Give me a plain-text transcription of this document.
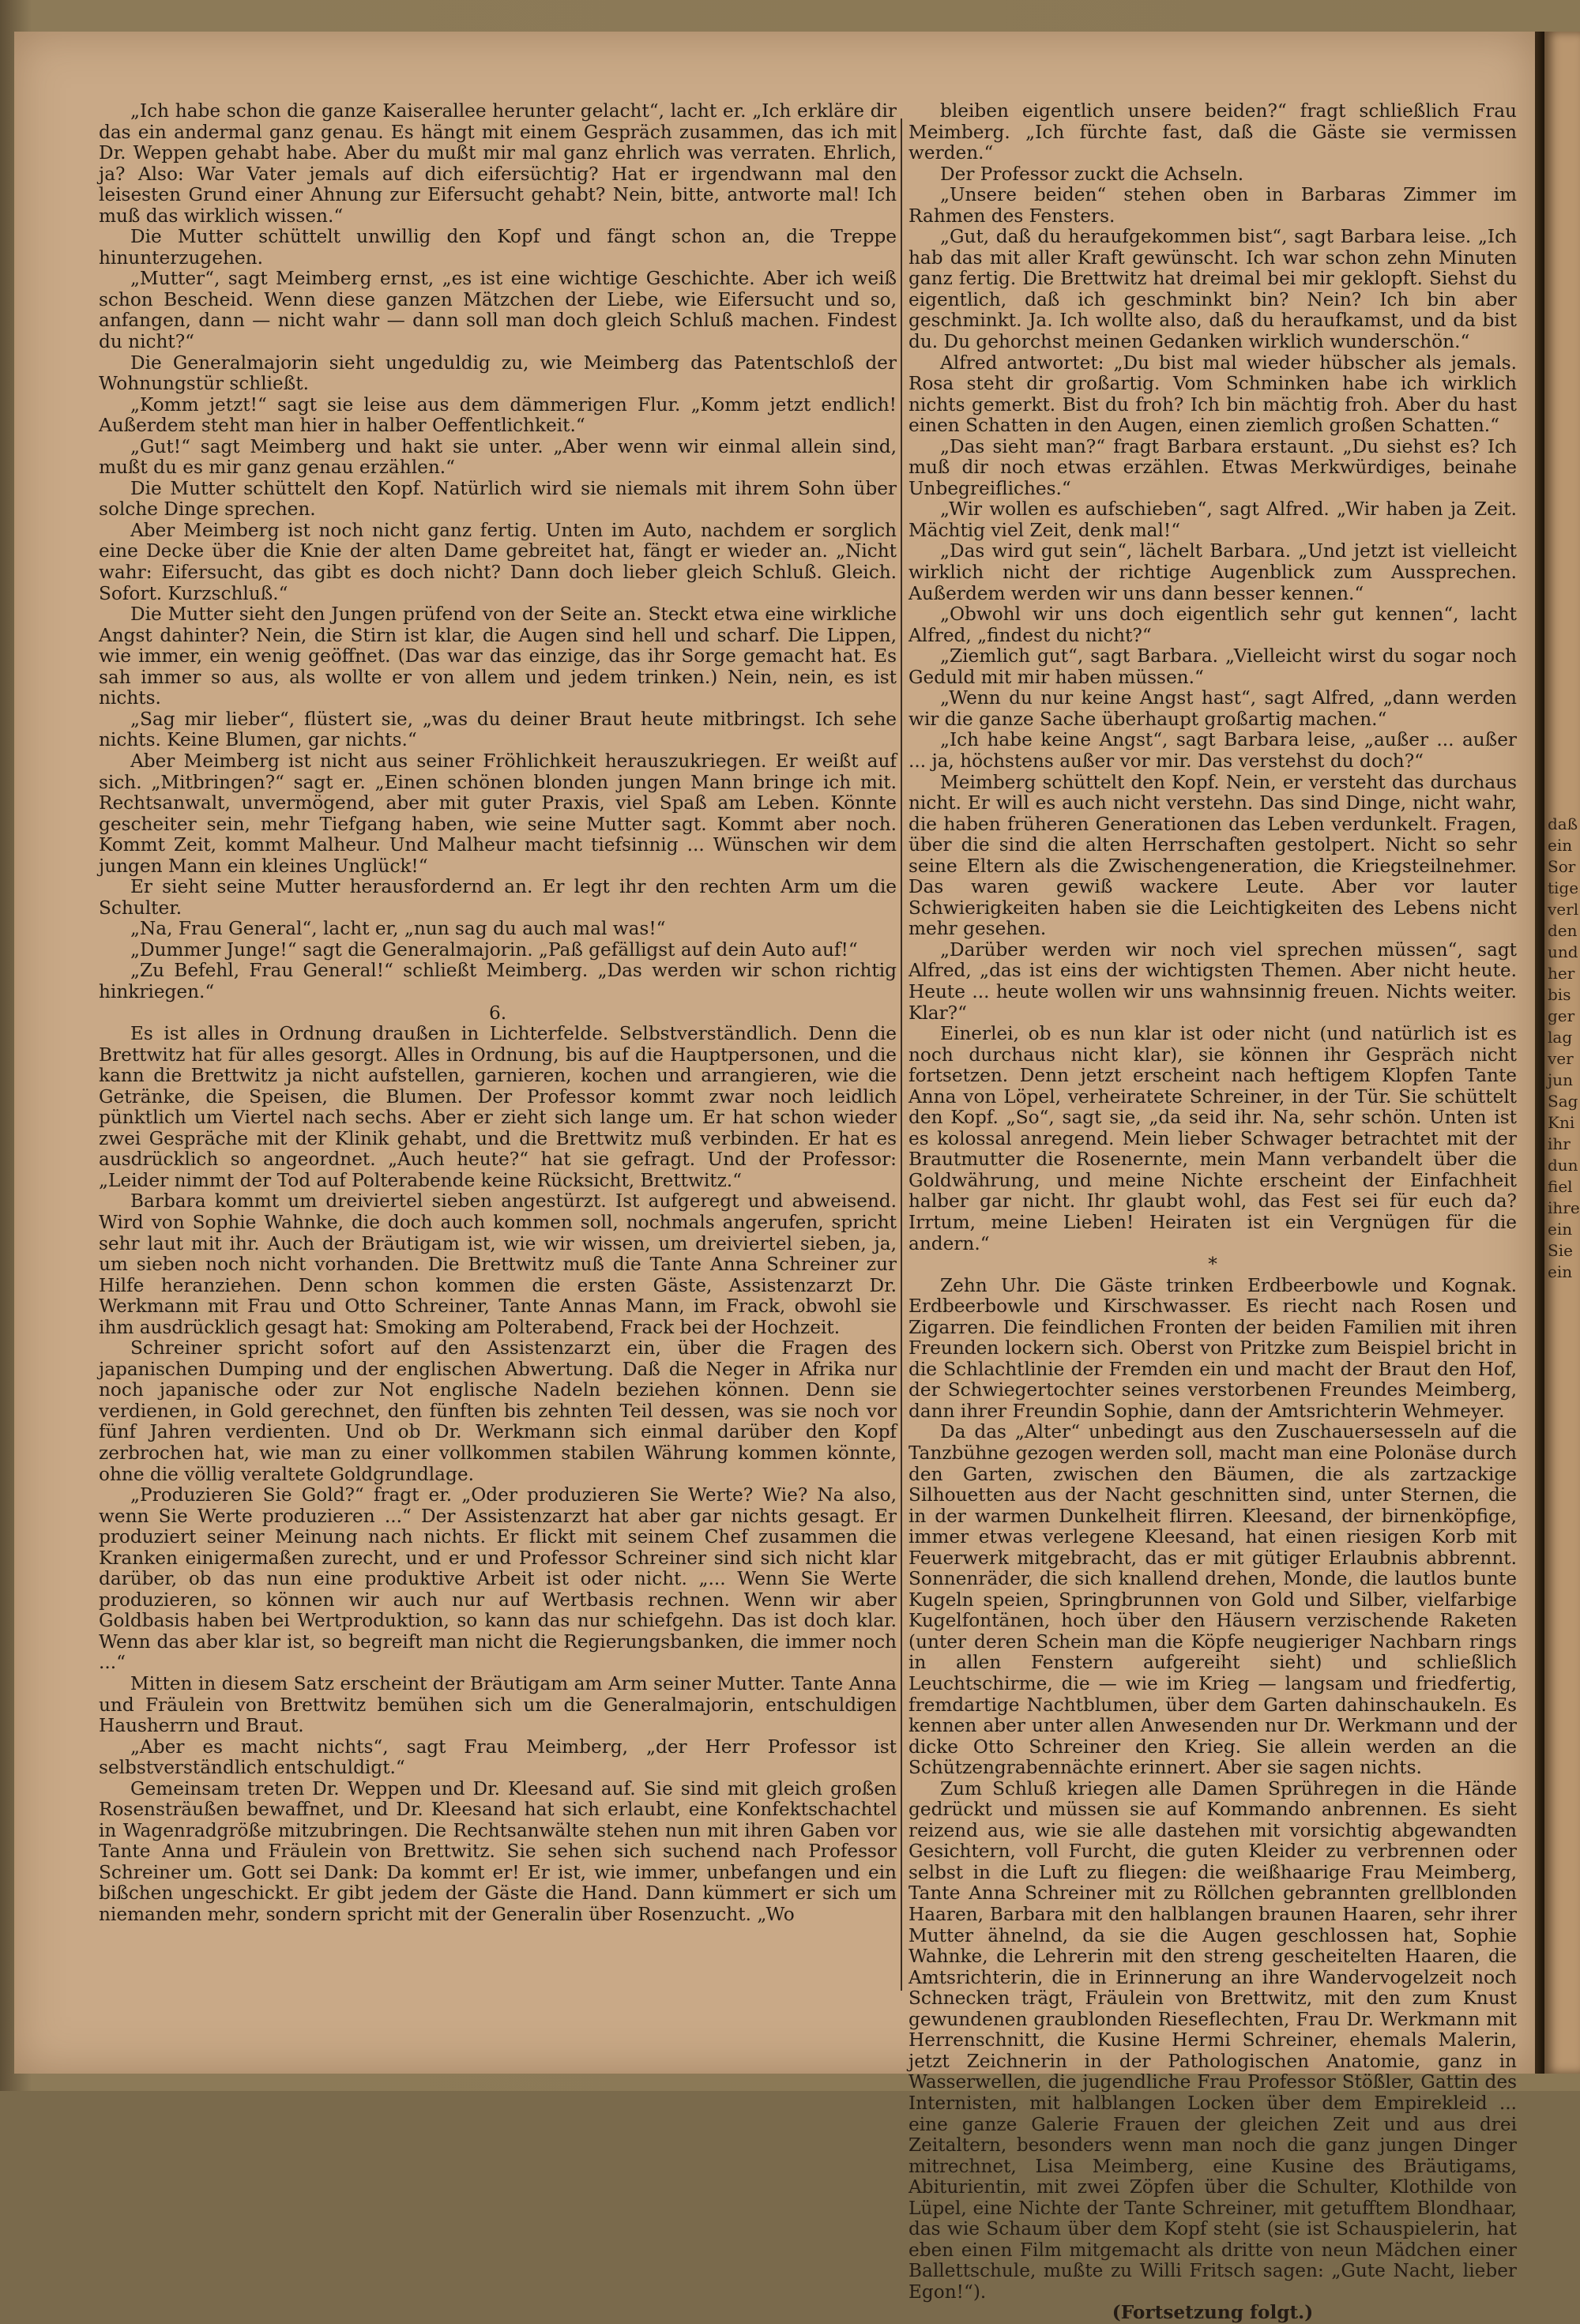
daß

ein

Sor

tige

verl

den

und

her

bis

ger

lag

ver

jun

Sag

Kni

ihr

dun

fiel

ihre

ein

Sie

ein

„Ich habe schon die ganze Kaiserallee herunter gelacht“, lacht er. „Ich erkläre dir das ein andermal ganz genau. Es hängt mit einem Gespräch zusammen, das ich mit Dr. Weppen gehabt habe. Aber du mußt mir mal ganz ehrlich was verraten. Ehrlich, ja? Also: War Vater jemals auf dich eifersüchtig? Hat er irgendwann mal den leisesten Grund einer Ahnung zur Eifersucht gehabt? Nein, bitte, antworte mal! Ich muß das wirklich wissen.“

Die Mutter schüttelt unwillig den Kopf und fängt schon an, die Treppe hinunterzugehen.

„Mutter“, sagt Meimberg ernst, „es ist eine wichtige Geschichte. Aber ich weiß schon Bescheid. Wenn diese ganzen Mätzchen der Liebe, wie Eifersucht und so, anfangen, dann — nicht wahr — dann soll man doch gleich Schluß machen. Findest du nicht?“

Die Generalmajorin sieht ungeduldig zu, wie Meimberg das Patentschloß der Wohnungstür schließt.

„Komm jetzt!“ sagt sie leise aus dem dämmerigen Flur. „Komm jetzt endlich! Außerdem steht man hier in halber Oeffentlichkeit.“

„Gut!“ sagt Meimberg und hakt sie unter. „Aber wenn wir einmal allein sind, mußt du es mir ganz genau erzählen.“

Die Mutter schüttelt den Kopf. Natürlich wird sie niemals mit ihrem Sohn über solche Dinge sprechen.

Aber Meimberg ist noch nicht ganz fertig. Unten im Auto, nachdem er sorglich eine Decke über die Knie der alten Dame gebreitet hat, fängt er wieder an. „Nicht wahr: Eifersucht, das gibt es doch nicht? Dann doch lieber gleich Schluß. Gleich. Sofort. Kurzschluß.“

Die Mutter sieht den Jungen prüfend von der Seite an. Steckt etwa eine wirkliche Angst dahinter? Nein, die Stirn ist klar, die Augen sind hell und scharf. Die Lippen, wie immer, ein wenig geöffnet. (Das war das einzige, das ihr Sorge gemacht hat. Es sah immer so aus, als wollte er von allem und jedem trinken.) Nein, nein, es ist nichts.

„Sag mir lieber“, flüstert sie, „was du deiner Braut heute mitbringst. Ich sehe nichts. Keine Blumen, gar nichts.“

Aber Meimberg ist nicht aus seiner Fröhlichkeit herauszukriegen. Er weißt auf sich. „Mitbringen?“ sagt er. „Einen schönen blonden jungen Mann bringe ich mit. Rechtsanwalt, unvermögend, aber mit guter Praxis, viel Spaß am Leben. Könnte gescheiter sein, mehr Tiefgang haben, wie seine Mutter sagt. Kommt aber noch. Kommt Zeit, kommt Malheur. Und Malheur macht tiefsinnig ... Wünschen wir dem jungen Mann ein kleines Unglück!“

Er sieht seine Mutter herausfordernd an. Er legt ihr den rechten Arm um die Schulter.

„Na, Frau General“, lacht er, „nun sag du auch mal was!“

„Dummer Junge!“ sagt die Generalmajorin. „Paß gefälligst auf dein Auto auf!“

„Zu Befehl, Frau General!“ schließt Meimberg. „Das werden wir schon richtig hinkriegen.“

6.

Es ist alles in Ordnung draußen in Lichterfelde. Selbstverständlich. Denn die Brettwitz hat für alles gesorgt. Alles in Ordnung, bis auf die Hauptpersonen, und die kann die Brettwitz ja nicht aufstellen, garnieren, kochen und arrangieren, wie die Getränke, die Speisen, die Blumen. Der Professor kommt zwar noch leidlich pünktlich um Viertel nach sechs. Aber er zieht sich lange um. Er hat schon wieder zwei Gespräche mit der Klinik gehabt, und die Brettwitz muß verbinden. Er hat es ausdrücklich so angeordnet. „Auch heute?“ hat sie gefragt. Und der Professor: „Leider nimmt der Tod auf Polterabende keine Rücksicht, Brettwitz.“

Barbara kommt um dreiviertel sieben angestürzt. Ist aufgeregt und abweisend. Wird von Sophie Wahnke, die doch auch kommen soll, nochmals angerufen, spricht sehr laut mit ihr. Auch der Bräutigam ist, wie wir wissen, um dreiviertel sieben, ja, um sieben noch nicht vorhanden. Die Brettwitz muß die Tante Anna Schreiner zur Hilfe heranziehen. Denn schon kommen die ersten Gäste, Assistenzarzt Dr. Werkmann mit Frau und Otto Schreiner, Tante Annas Mann, im Frack, obwohl sie ihm ausdrücklich gesagt hat: Smoking am Polterabend, Frack bei der Hochzeit.

Schreiner spricht sofort auf den Assistenzarzt ein, über die Fragen des japanischen Dumping und der englischen Abwertung. Daß die Neger in Afrika nur noch japanische oder zur Not englische Nadeln beziehen können. Denn sie verdienen, in Gold gerechnet, den fünften bis zehnten Teil dessen, was sie noch vor fünf Jahren verdienten. Und ob Dr. Werkmann sich einmal darüber den Kopf zerbrochen hat, wie man zu einer vollkommen stabilen Währung kommen könnte, ohne die völlig veraltete Goldgrundlage.

„Produzieren Sie Gold?“ fragt er. „Oder produzieren Sie Werte? Wie? Na also, wenn Sie Werte produzieren ...“ Der Assistenzarzt hat aber gar nichts gesagt. Er produziert seiner Meinung nach nichts. Er flickt mit seinem Chef zusammen die Kranken einigermaßen zurecht, und er und Professor Schreiner sind sich nicht klar darüber, ob das nun eine produktive Arbeit ist oder nicht. „... Wenn Sie Werte produzieren, so können wir auch nur auf Wertbasis rechnen. Wenn wir aber Goldbasis haben bei Wertproduktion, so kann das nur schiefgehn. Das ist doch klar. Wenn das aber klar ist, so begreift man nicht die Regierungsbanken, die immer noch ...“

Mitten in diesem Satz erscheint der Bräutigam am Arm seiner Mutter. Tante Anna und Fräulein von Brettwitz bemühen sich um die Generalmajorin, entschuldigen Hausherrn und Braut.

„Aber es macht nichts“, sagt Frau Meimberg, „der Herr Professor ist selbstverständlich entschuldigt.“

Gemeinsam treten Dr. Weppen und Dr. Kleesand auf. Sie sind mit gleich großen Rosensträußen bewaffnet, und Dr. Kleesand hat sich erlaubt, eine Konfektschachtel in Wagenradgröße mitzubringen. Die Rechtsanwälte stehen nun mit ihren Gaben vor Tante Anna und Fräulein von Brettwitz. Sie sehen sich suchend nach Professor Schreiner um. Gott sei Dank: Da kommt er! Er ist, wie immer, unbefangen und ein bißchen ungeschickt. Er gibt jedem der Gäste die Hand. Dann kümmert er sich um niemanden mehr, sondern spricht mit der Generalin über Rosenzucht. „Wo

bleiben eigentlich unsere beiden?“ fragt schließlich Frau Meimberg. „Ich fürchte fast, daß die Gäste sie vermissen werden.“

Der Professor zuckt die Achseln.

„Unsere beiden“ stehen oben in Barbaras Zimmer im Rahmen des Fensters.

„Gut, daß du heraufgekommen bist“, sagt Barbara leise. „Ich hab das mit aller Kraft gewünscht. Ich war schon zehn Minuten ganz fertig. Die Brettwitz hat dreimal bei mir geklopft. Siehst du eigentlich, daß ich geschminkt bin? Nein? Ich bin aber geschminkt. Ja. Ich wollte also, daß du heraufkamst, und da bist du. Du gehorchst meinen Gedanken wirklich wunderschön.“

Alfred antwortet: „Du bist mal wieder hübscher als jemals. Rosa steht dir großartig. Vom Schminken habe ich wirklich nichts gemerkt. Bist du froh? Ich bin mächtig froh. Aber du hast einen Schatten in den Augen, einen ziemlich großen Schatten.“

„Das sieht man?“ fragt Barbara erstaunt. „Du siehst es? Ich muß dir noch etwas erzählen. Etwas Merkwürdiges, beinahe Unbegreifliches.“

„Wir wollen es aufschieben“, sagt Alfred. „Wir haben ja Zeit. Mächtig viel Zeit, denk mal!“

„Das wird gut sein“, lächelt Barbara. „Und jetzt ist vielleicht wirklich nicht der richtige Augenblick zum Aussprechen. Außerdem werden wir uns dann besser kennen.“

„Obwohl wir uns doch eigentlich sehr gut kennen“, lacht Alfred, „findest du nicht?“

„Ziemlich gut“, sagt Barbara. „Vielleicht wirst du sogar noch Geduld mit mir haben müssen.“

„Wenn du nur keine Angst hast“, sagt Alfred, „dann werden wir die ganze Sache überhaupt großartig machen.“

„Ich habe keine Angst“, sagt Barbara leise, „außer ... außer ... ja, höchstens außer vor mir. Das verstehst du doch?“

Meimberg schüttelt den Kopf. Nein, er versteht das durchaus nicht. Er will es auch nicht verstehn. Das sind Dinge, nicht wahr, die haben früheren Generationen das Leben verdunkelt. Fragen, über die sind die alten Herrschaften gestolpert. Nicht so sehr seine Eltern als die Zwischengeneration, die Kriegsteilnehmer. Das waren gewiß wackere Leute. Aber vor lauter Schwierigkeiten haben sie die Leichtigkeiten des Lebens nicht mehr gesehen.

„Darüber werden wir noch viel sprechen müssen“, sagt Alfred, „das ist eins der wichtigsten Themen. Aber nicht heute. Heute ... heute wollen wir uns wahnsinnig freuen. Nichts weiter. Klar?“

Einerlei, ob es nun klar ist oder nicht (und natürlich ist es noch durchaus nicht klar), sie können ihr Gespräch nicht fortsetzen. Denn jetzt erscheint nach heftigem Klopfen Tante Anna von Löpel, verheiratete Schreiner, in der Tür. Sie schüttelt den Kopf. „So“, sagt sie, „da seid ihr. Na, sehr schön. Unten ist es kolossal anregend. Mein lieber Schwager betrachtet mit der Brautmutter die Rosenernte, mein Mann verbandelt über die Goldwährung, und meine Nichte erscheint der Einfachheit halber gar nicht. Ihr glaubt wohl, das Fest sei für euch da? Irrtum, meine Lieben! Heiraten ist ein Vergnügen für die andern.“

*

Zehn Uhr. Die Gäste trinken Erdbeerbowle und Kognak. Erdbeerbowle und Kirschwasser. Es riecht nach Rosen und Zigarren. Die feindlichen Fronten der beiden Familien mit ihren Freunden lockern sich. Oberst von Pritzke zum Beispiel bricht in die Schlachtlinie der Fremden ein und macht der Braut den Hof, der Schwiegertochter seines verstorbenen Freundes Meimberg, dann ihrer Freundin Sophie, dann der Amtsrichterin Wehmeyer.

Da das „Alter“ unbedingt aus den Zuschauersesseln auf die Tanzbühne gezogen werden soll, macht man eine Polonäse durch den Garten, zwischen den Bäumen, die als zartzackige Silhouetten aus der Nacht geschnitten sind, unter Sternen, die in der warmen Dunkelheit flirren. Kleesand, der birnenköpfige, immer etwas verlegene Kleesand, hat einen riesigen Korb mit Feuerwerk mitgebracht, das er mit gütiger Erlaubnis abbrennt. Sonnenräder, die sich knallend drehen, Monde, die lautlos bunte Kugeln speien, Springbrunnen von Gold und Silber, vielfarbige Kugelfontänen, hoch über den Häusern verzischende Raketen (unter deren Schein man die Köpfe neugieriger Nachbarn rings in allen Fenstern aufgereiht sieht) und schließlich Leuchtschirme, die — wie im Krieg — langsam und friedfertig, fremdartige Nachtblumen, über dem Garten dahinschaukeln. Es kennen aber unter allen Anwesenden nur Dr. Werkmann und der dicke Otto Schreiner den Krieg. Sie allein werden an die Schützengrabennächte erinnert. Aber sie sagen nichts.

Zum Schluß kriegen alle Damen Sprühregen in die Hände gedrückt und müssen sie auf Kommando anbrennen. Es sieht reizend aus, wie sie alle dastehen mit vorsichtig abgewandten Gesichtern, voll Furcht, die guten Kleider zu verbrennen oder selbst in die Luft zu fliegen: die weißhaarige Frau Meimberg, Tante Anna Schreiner mit zu Röllchen gebrannten grellblonden Haaren, Barbara mit den halblangen braunen Haaren, sehr ihrer Mutter ähnelnd, da sie die Augen geschlossen hat, Sophie Wahnke, die Lehrerin mit den streng gescheitelten Haaren, die Amtsrichterin, die in Erinnerung an ihre Wandervogelzeit noch Schnecken trägt, Fräulein von Brettwitz, mit den zum Knust gewundenen graublonden Rieseflechten, Frau Dr. Werkmann mit Herrenschnitt, die Kusine Hermi Schreiner, ehemals Malerin, jetzt Zeichnerin in der Pathologischen Anatomie, ganz in Wasserwellen, die jugendliche Frau Professor Stößler, Gattin des Internisten, mit halblangen Locken über dem Empirekleid ... eine ganze Galerie Frauen der gleichen Zeit und aus drei Zeitaltern, besonders wenn man noch die ganz jungen Dinger mitrechnet, Lisa Meimberg, eine Kusine des Bräutigams, Abiturientin, mit zwei Zöpfen über die Schulter, Klothilde von Lüpel, eine Nichte der Tante Schreiner, mit getufftem Blondhaar, das wie Schaum über dem Kopf steht (sie ist Schauspielerin, hat eben einen Film mitgemacht als dritte von neun Mädchen einer Ballettschule, mußte zu Willi Fritsch sagen: „Gute Nacht, lieber Egon!“).

(Fortsetzung folgt.)
